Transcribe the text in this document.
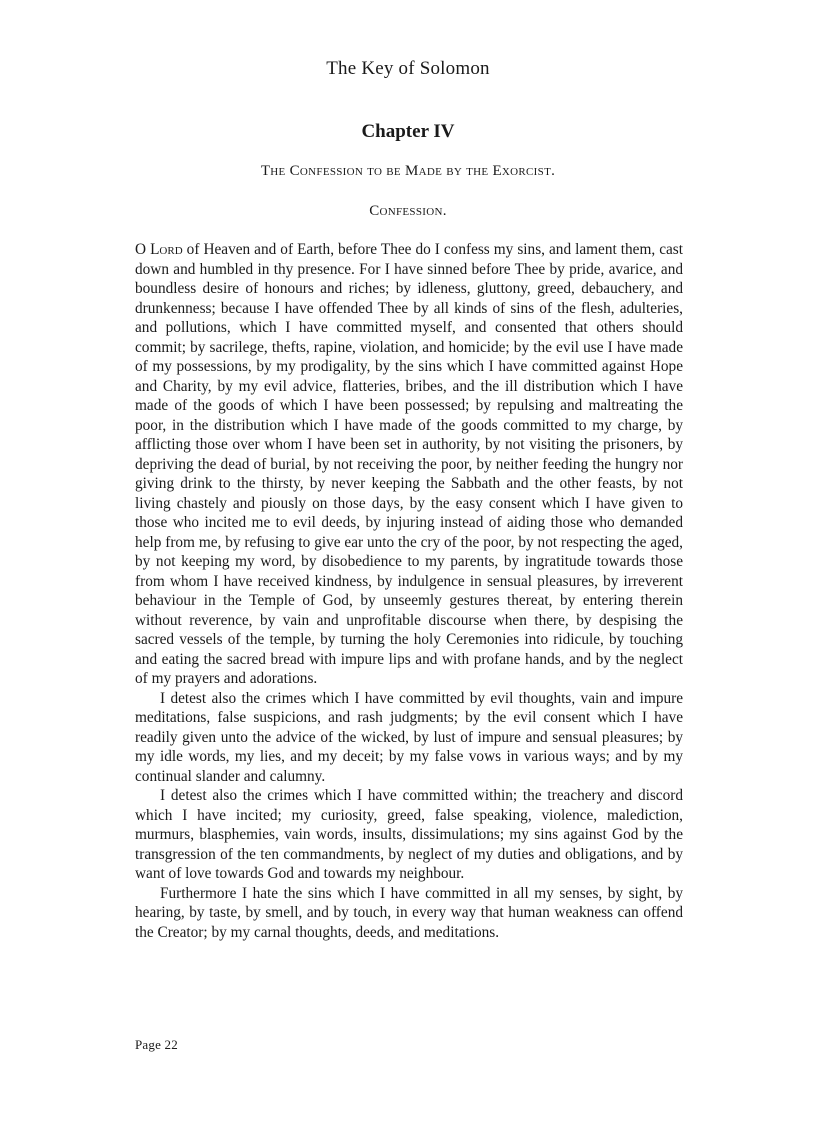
The Key of Solomon
Chapter IV
The Confession to be Made by the Exorcist.
Confession.

O Lord of Heaven and of Earth, before Thee do I confess my sins, and lament them, cast down and humbled in thy presence. For I have sinned before Thee by pride, avarice, and boundless desire of honours and riches; by idleness, gluttony, greed, debauchery, and drunkenness; because I have offended Thee by all kinds of sins of the flesh, adulteries, and pollutions, which I have committed myself, and consented that others should commit; by sacrilege, thefts, rapine, violation, and homicide; by the evil use I have made of my possessions, by my prodigality, by the sins which I have committed against Hope and Charity, by my evil advice, flatteries, bribes, and the ill distribution which I have made of the goods of which I have been possessed; by repulsing and maltreating the poor, in the distribution which I have made of the goods committed to my charge, by afflicting those over whom I have been set in authority, by not visiting the prisoners, by depriving the dead of burial, by not receiving the poor, by neither feeding the hungry nor giving drink to the thirsty, by never keeping the Sabbath and the other feasts, by not living chastely and piously on those days, by the easy consent which I have given to those who incited me to evil deeds, by injuring instead of aiding those who demanded help from me, by refusing to give ear unto the cry of the poor, by not respecting the aged, by not keeping my word, by disobedience to my parents, by ingratitude towards those from whom I have received kindness, by indulgence in sensual pleasures, by irreverent behaviour in the Temple of God, by unseemly gestures thereat, by entering therein without reverence, by vain and unprofitable discourse when there, by despising the sacred vessels of the temple, by turning the holy Ceremonies into ridicule, by touching and eating the sacred bread with impure lips and with profane hands, and by the neglect of my prayers and adorations.

I detest also the crimes which I have committed by evil thoughts, vain and impure meditations, false suspicions, and rash judgments; by the evil consent which I have readily given unto the advice of the wicked, by lust of impure and sensual pleasures; by my idle words, my lies, and my deceit; by my false vows in various ways; and by my continual slander and calumny.

I detest also the crimes which I have committed within; the treachery and discord which I have incited; my curiosity, greed, false speaking, violence, malediction, murmurs, blasphemies, vain words, insults, dissimulations; my sins against God by the transgression of the ten commandments, by neglect of my duties and obligations, and by want of love towards God and towards my neighbour.

Furthermore I hate the sins which I have committed in all my senses, by sight, by hearing, by taste, by smell, and by touch, in every way that human weakness can offend the Creator; by my carnal thoughts, deeds, and meditations.

Page 22
